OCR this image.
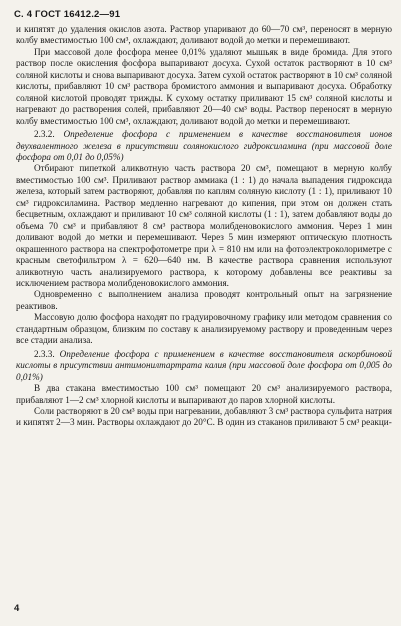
С. 4 ГОСТ 16412.2—91

и кипятят до удаления окислов азота. Раствор упаривают до 60—70 см³, переносят в мерную колбу вместимостью 100 см³, охлаждают, доливают водой до метки и перемешивают.

При массовой доле фосфора менее 0,01% удаляют мышьяк в виде бромида. Для этого раствор после окисления фосфора выпаривают досуха. Сухой остаток растворяют в 10 см³ соляной кислоты и снова выпаривают досуха. Затем сухой остаток растворяют в 10 см³ соляной кислоты, прибавляют 10 см³ раствора бромистого аммония и выпаривают досуха. Обработку соляной кислотой проводят трижды. К сухому остатку приливают 15 см³ соляной кислоты и нагревают до растворения солей, прибавляют 20—40 см³ воды. Раствор переносят в мерную колбу вместимостью 100 см³, охлаждают, доливают водой до метки и перемешивают.

2.3.2. Определение фосфора с применением в качестве восстановителя ионов двухвалентного железа в присутствии солянокислого гидроксиламина (при массовой доле фосфора от 0,01 до 0,05%)

Отбирают пипеткой аликвотную часть раствора 20 см³, помещают в мерную колбу вместимостью 100 см³. Приливают раствор аммиака (1 : 1) до начала выпадения гидроксида железа, который затем растворяют, добавляя по каплям соляную кислоту (1 : 1), приливают 10 см³ гидроксиламина. Раствор медленно нагревают до кипения, при этом он должен стать бесцветным, охлаждают и приливают 10 см³ соляной кислоты (1 : 1), затем добавляют воды до объема 70 см³ и прибавляют 8 см³ раствора молибденовокислого аммония. Через 1 мин доливают водой до метки и перемешивают. Через 5 мин измеряют оптическую плотность окрашенного раствора на спектрофотометре при λ = 810 нм или на фотоэлектроколориметре с красным светофильтром λ = 620—640 нм. В качестве раствора сравнения используют аликвотную часть анализируемого раствора, к которому добавлены все реактивы за исключением раствора молибденовокислого аммония.

Одновременно с выполнением анализа проводят контрольный опыт на загрязнение реактивов.

Массовую долю фосфора находят по градуировочному графику или методом сравнения со стандартным образцом, близким по составу к анализируемому раствору и проведенным через все стадии анализа.

2.3.3. Определение фосфора с применением в качестве восстановителя аскорбиновой кислоты в присутствии антимонилтартрата калия (при массовой доле фосфора от 0,005 до 0,01%)

В два стакана вместимостью 100 см³ помещают 20 см³ анализируемого раствора, прибавляют 1—2 см³ хлорной кислоты и выпаривают до паров хлорной кислоты.

Соли растворяют в 20 см³ воды при нагревании, добавляют 3 см³ раствора сульфита натрия и кипятят 2—3 мин. Растворы охлаждают до 20°С. В один из стаканов приливают 5 см³ реакци-

4
